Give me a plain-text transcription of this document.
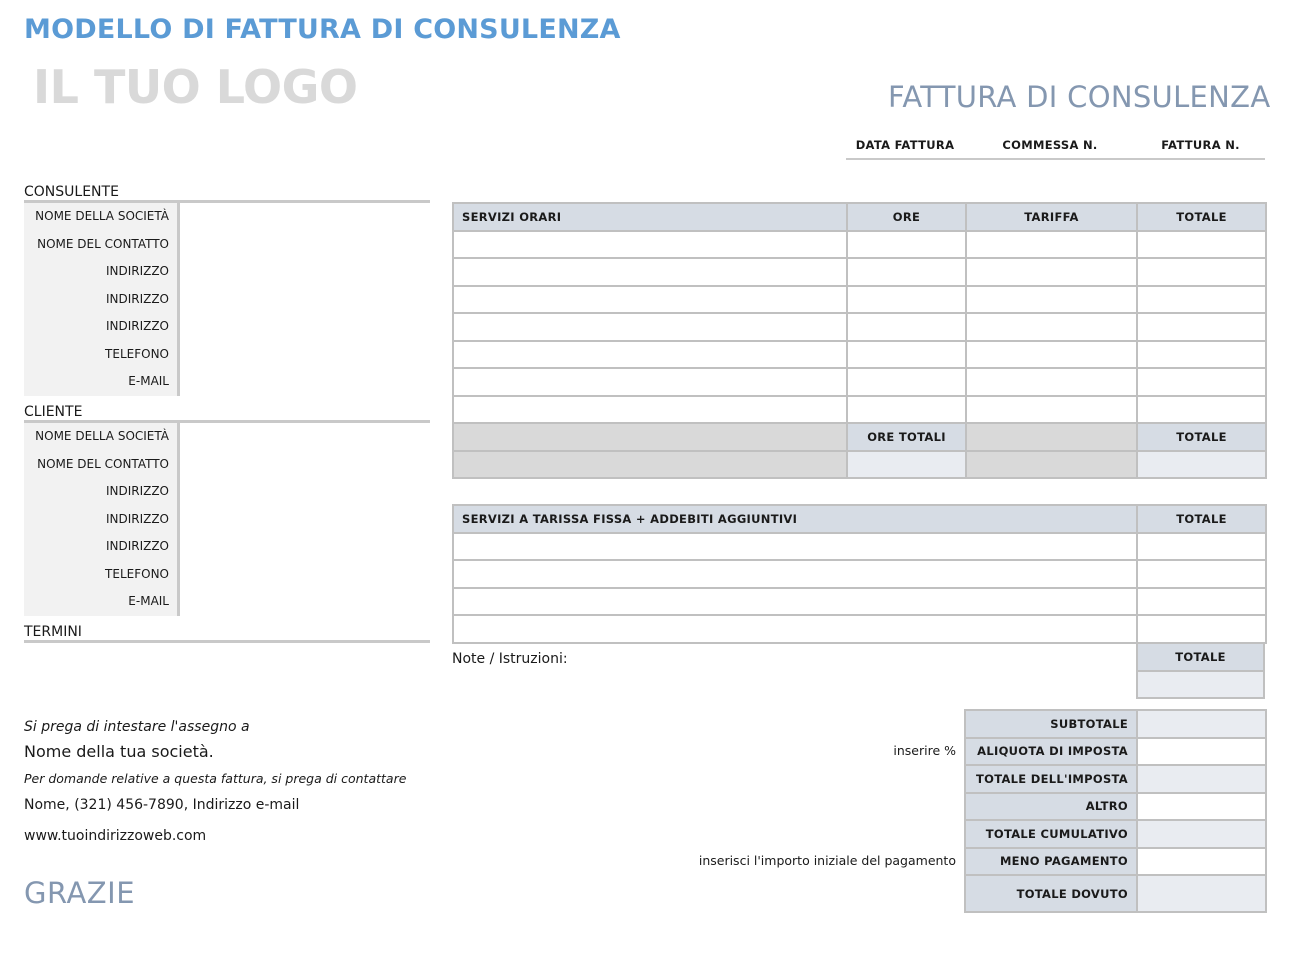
MODELLO DI FATTURA DI CONSULENZA
IL TUO LOGO	FATTURA DI CONSULENZA
DATA FATTURA	COMMESSA N.	FATTURA N.
CONSULENTE
NOME DELLA SOCIETÀ
NOME DEL CONTATTO
INDIRIZZO
INDIRIZZO
INDIRIZZO
TELEFONO
E-MAIL
CLIENTE
NOME DELLA SOCIETÀ
NOME DEL CONTATTO
INDIRIZZO
INDIRIZZO
INDIRIZZO
TELEFONO
E-MAIL
TERMINI
SERVIZI ORARI	ORE	TARIFFA	TOTALE

	ORE TOTALI		TOTALE

SERVIZI A TARISSA FISSA + ADDEBITI AGGIUNTIVI	TOTALE

TOTALE

Note / Istruzioni:
SUBTOTALE	
ALIQUOTA DI IMPOSTA	
TOTALE DELL'IMPOSTA	
ALTRO	
TOTALE CUMULATIVO	
MENO PAGAMENTO	
TOTALE DOVUTO	
inserire %
inserisci l'importo iniziale del pagamento
Si prega di intestare l'assegno a
Nome della tua società.
Per domande relative a questa fattura, si prega di contattare
Nome, (321) 456-7890, Indirizzo e-mail
www.tuoindirizzoweb.com
GRAZIE
